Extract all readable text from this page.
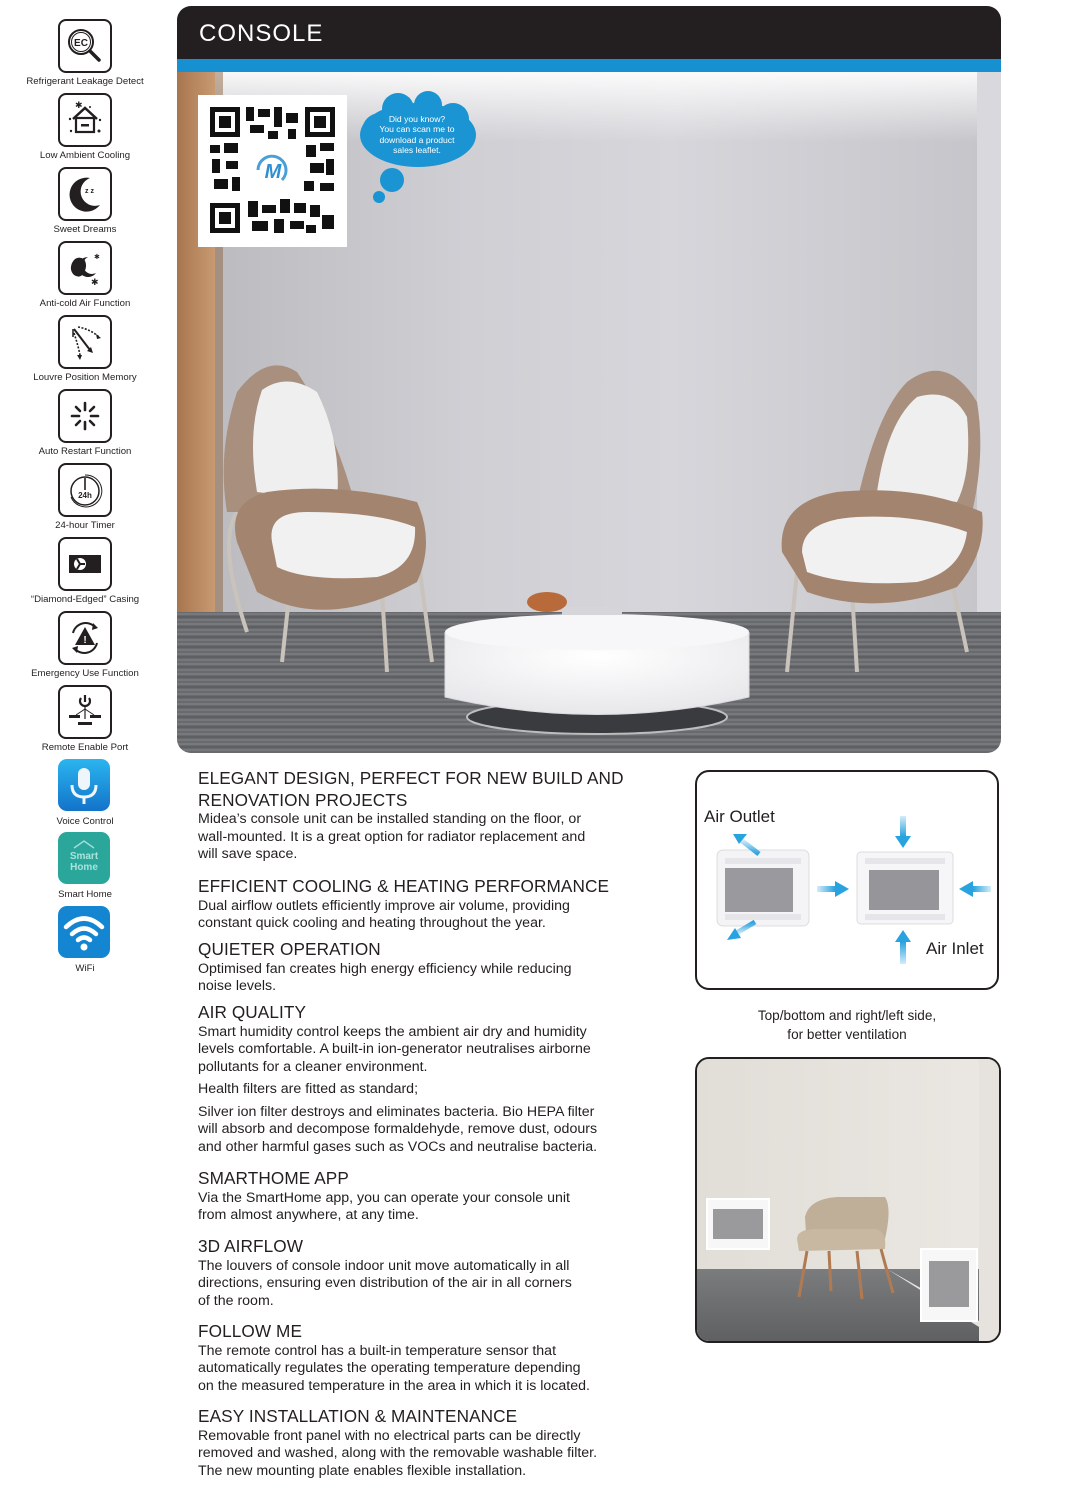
EC
Refrigerant Leakage Detect
✱
Low Ambient Cooling
z z
Sweet Dreams
✱
✱
Anti-cold Air Function
Louvre Position Memory
Auto Restart Function
24h
24-hour Timer
“Diamond-Edged” Casing
!
Emergency Use Function
Remote Enable Port
Voice Control
Smart
Home
Smart Home
WiFi
CONSOLE
M
Did you know?
You can scan me to
download a product
sales leaflet.
ELEGANT DESIGN, PERFECT FOR NEW BUILD AND
RENOVATION PROJECTS

Midea’s console unit can be installed standing on the floor, or
wall-mounted. It is a great option for radiator replacement and
will save space.

EFFICIENT COOLING & HEATING PERFORMANCE

Dual airflow outlets efficiently improve air volume, providing
constant quick cooling and heating throughout the year.

QUIETER OPERATION

Optimised fan creates high energy efficiency while reducing
noise levels.

AIR QUALITY

Smart humidity control keeps the ambient air dry and humidity
levels comfortable. A built-in ion-generator neutralises airborne
pollutants for a cleaner environment.

Health filters are fitted as standard;

Silver ion filter destroys and eliminates bacteria. Bio HEPA filter
will absorb and decompose formaldehyde, remove dust, odours
and other harmful gases such as VOCs and neutralise bacteria.

SMARTHOME APP

Via the SmartHome app, you can operate your console unit
from almost anywhere, at any time.

3D AIRFLOW

The louvers of console indoor unit move automatically in all
directions, ensuring even distribution of the air in all corners
of the room.

FOLLOW ME

The remote control has a built-in temperature sensor that
automatically regulates the operating temperature depending
on the measured temperature in the area in which it is located.

EASY INSTALLATION & MAINTENANCE

Removable front panel with no electrical parts can be directly
removed and washed, along with the removable washable filter.
The new mounting plate enables flexible installation.

Air Outlet
Air Inlet
Top/bottom and right/left side,
for better ventilation
